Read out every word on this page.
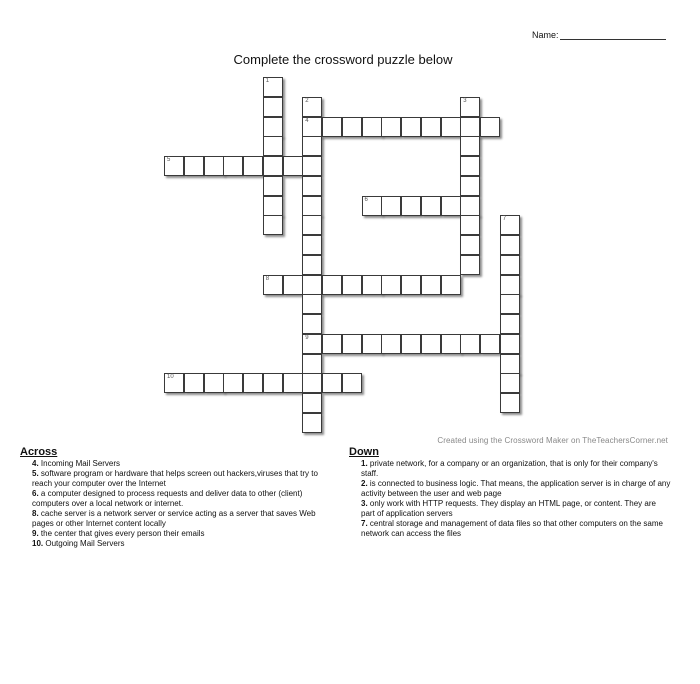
Name:
Complete the crossword puzzle below
1
2	3
4
5
6
7
8
9
10
Created using the Crossword Maker on TheTeachersCorner.net
Across
4. Incoming Mail Servers
5. software program or hardware that helps screen out hackers,viruses that try to reach your computer over the Internet
6. a computer designed to process requests and deliver data to other (client) computers over a local network or internet.
8. cache server is a network server or service acting as a server that saves Web pages or other Internet content locally
9. the center that gives every person their emails
10. Outgoing Mail Servers
Down
1. private network, for a company or an organization, that is only for their company's staff.
2. is connected to business logic. That means, the application server is in charge of any activity between the user and web page
3. only work with HTTP requests. They display an HTML page, or content. They are part of application servers
7. central storage and management of data files so that other computers on the same network can access the files
